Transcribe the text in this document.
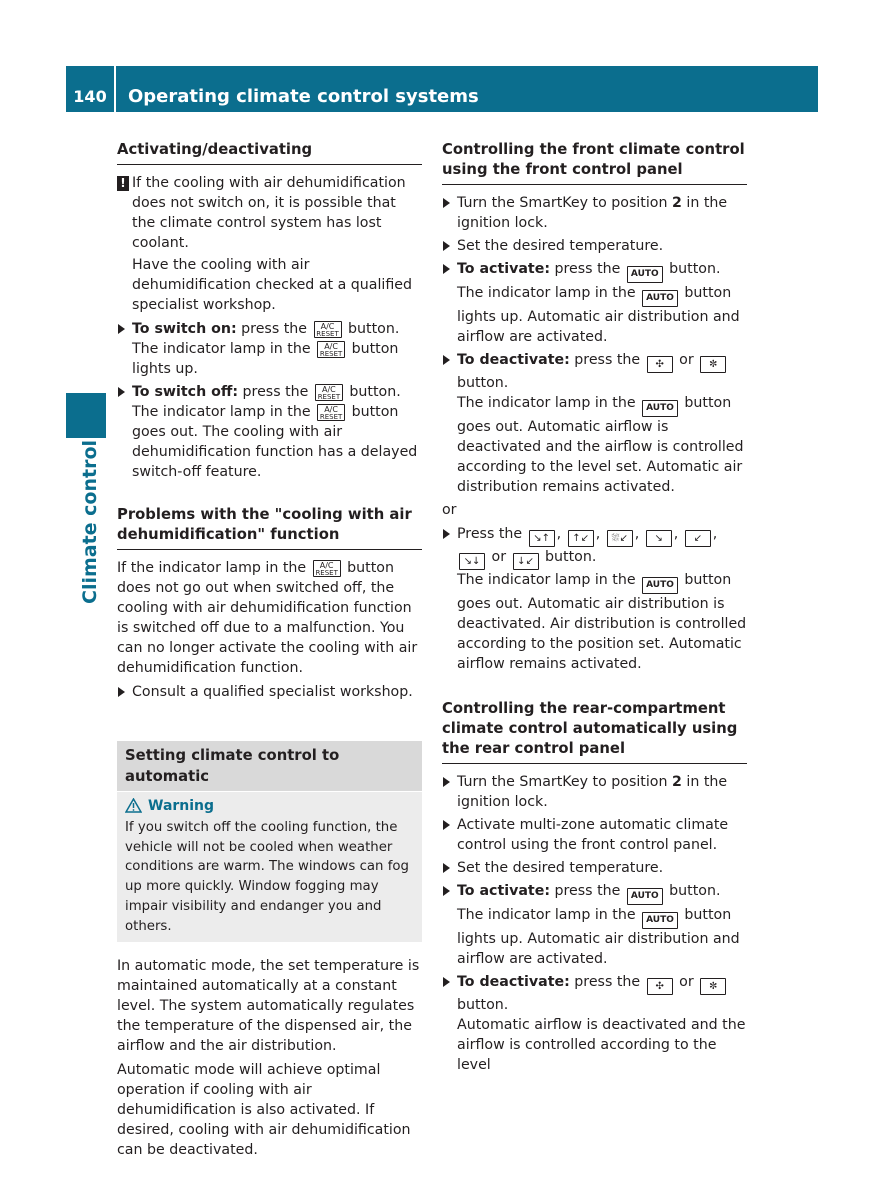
140	Operating climate control systems
Climate control
Activating/deactivating
! If the cooling with air dehumidification does not switch on, it is possible that the climate control system has lost coolant.

Have the cooling with air dehumidification checked at a qualified specialist workshop.

To switch on: press the	A/C
RESET button.
The indicator lamp in the	A/C
RESET button lights up.
To switch off: press the	A/C
RESET button.
The indicator lamp in the	A/C
RESET button goes out. The cooling with air dehumidification function has a delayed switch-off feature.
Problems with the "cooling with air dehumidification" function

If the indicator lamp in the	A/C
RESET button does not go out when switched off, the cooling with air dehumidification function is switched off due to a malfunction. You can no longer activate the cooling with air dehumidification function.

Consult a qualified specialist workshop.
Setting climate control to automatic
Warning
If you switch off the cooling function, the vehicle will not be cooled when weather conditions are warm. The windows can fog up more quickly. Window fogging may impair visibility and endanger you and others.

In automatic mode, the set temperature is maintained automatically at a constant level. The system automatically regulates the temperature of the dispensed air, the airflow and the air distribution.

Automatic mode will achieve optimal operation if cooling with air dehumidification is also activated. If desired, cooling with air dehumidification can be deactivated.

Controlling the front climate control using the front control panel
Turn the SmartKey to position 2 in the ignition lock.
Set the desired temperature.
To activate: press the AUTO button.
The indicator lamp in the AUTO button lights up. Automatic air distribution and airflow are activated.
To deactivate: press the ✣ or ✼
button.
The indicator lamp in the AUTO button goes out. Automatic airflow is deactivated and the airflow is controlled according to the level set. Automatic air distribution remains activated.

or

Press the ↘↑ , ↑↙ , ⛆↙ , ↘ , ↙ ,
↘↓ or ↓↙ button.
The indicator lamp in the AUTO button goes out. Automatic air distribution is deactivated. Air distribution is controlled according to the position set. Automatic airflow remains activated.
Controlling the rear-compartment climate control automatically using the rear control panel
Turn the SmartKey to position 2 in the ignition lock.
Activate multi-zone automatic climate control using the front control panel.
Set the desired temperature.
To activate: press the AUTO button.
The indicator lamp in the AUTO button lights up. Automatic air distribution and airflow are activated.
To deactivate: press the ✣ or ✼
button.
Automatic airflow is deactivated and the airflow is controlled according to the level
